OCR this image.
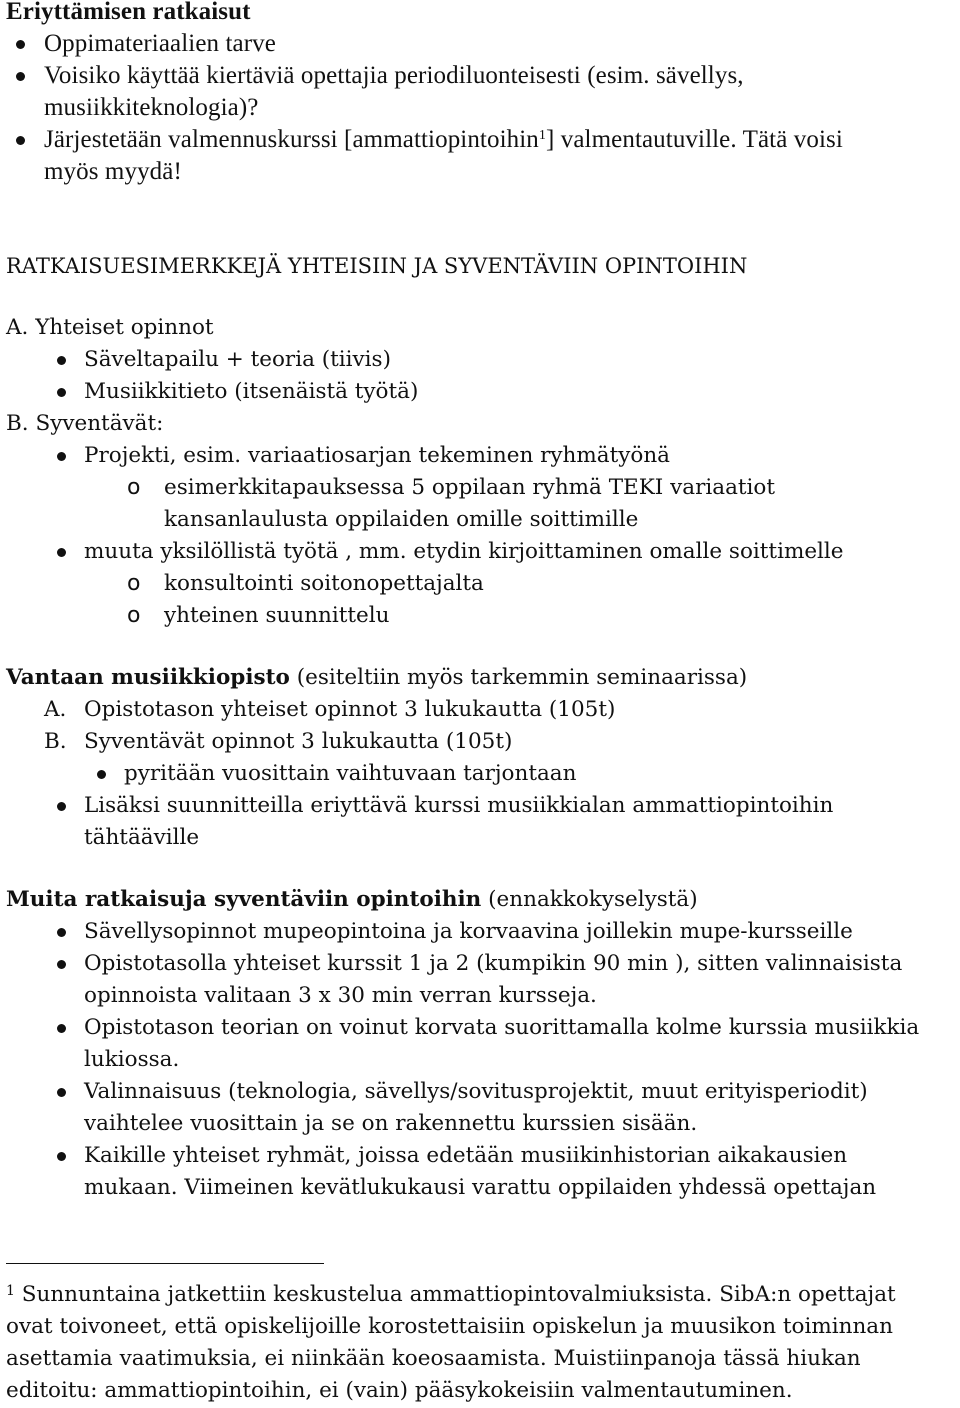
Eriyttämisen ratkaisut
Oppimateriaalien tarve
Voisiko käyttää kiertäviä opettajia periodiluonteisesti (esim. sävellys,
musiikkiteknologia)?
Järjestetään valmennuskurssi [ammattiopintoihin$^1$] valmentautuville. Tätä voisi
myös myydä!
RATKAISUESIMERKKEJÄ YHTEISIIN JA SYVENTÄVIIN OPINTOIHIN
A. Yhteiset opinnot
Säveltapailu + teoria (tiivis)
Musiikkitieto (itsenäistä työtä)
B. Syventävät:
Projekti, esim. variaatiosarjan tekeminen ryhmätyönä
o esimerkkitapauksessa 5 oppilaan ryhmä TEKI variaatiot
kansanlaulusta oppilaiden omille soittimille
muuta yksilöllistä työtä , mm. etydin kirjoittaminen omalle soittimelle
o konsultointi soitonopettajalta
o yhteinen suunnittelu
Vantaan musiikkiopisto (esiteltiin myös tarkemmin seminaarissa)
A. Opistotason yhteiset opinnot 3 lukukautta (105t)
B. Syventävät opinnot 3 lukukautta (105t)
pyritään vuosittain vaihtuvaan tarjontaan
Lisäksi suunnitteilla eriyttävä kurssi musiikkialan ammattiopintoihin
tähtääville
Muita ratkaisuja syventäviin opintoihin (ennakkokyselystä)
Sävellysopinnot mupeopintoina ja korvaavina joillekin mupe-kursseille
Opistotasolla yhteiset kurssit 1 ja 2 (kumpikin 90 min ), sitten valinnaisista
opinnoista valitaan 3 x 30 min verran kursseja.
Opistotason teorian on voinut korvata suorittamalla kolme kurssia musiikkia
lukiossa.
Valinnaisuus (teknologia, sävellys/sovitusprojektit, muut erityisperiodit)
vaihtelee vuosittain ja se on rakennettu kurssien sisään.
Kaikille yhteiset ryhmät, joissa edetään musiikinhistorian aikakausien
mukaan. Viimeinen kevätlukukausi varattu oppilaiden yhdessä opettajan
$^1$ Sunnuntaina jatkettiin keskustelua ammattiopintovalmiuksista. SibA:n opettajat
ovat toivoneet, että opiskelijoille korostettaisiin opiskelun ja muusikon toiminnan
asettamia vaatimuksia, ei niinkään koeosaamista. Muistiinpanoja tässä hiukan
editoitu: ammattiopintoihin, ei (vain) pääsykokeisiin valmentautuminen.
